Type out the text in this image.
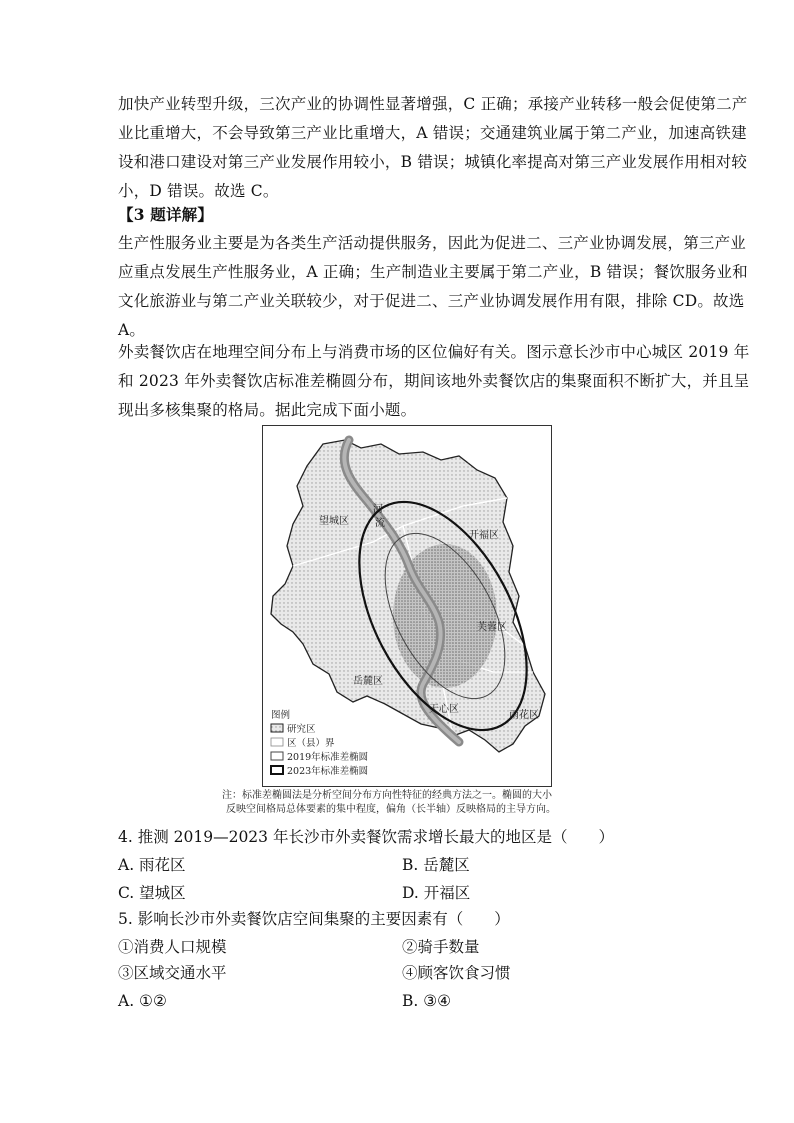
加快产业转型升级，三次产业的协调性显著增强，C 正确；承接产业转移一般会促使第二产
业比重增大，不会导致第三产业比重增大，A 错误；交通建筑业属于第二产业，加速高铁建
设和港口建设对第三产业发展作用较小，B 错误；城镇化率提高对第三产业发展作用相对较
小，D 错误。故选 C。
【3 题详解】
生产性服务业主要是为各类生产活动提供服务，因此为促进二、三产业协调发展，第三产业
应重点发展生产性服务业，A 正确；生产制造业主要属于第二产业，B 错误；餐饮服务业和
文化旅游业与第二产业关联较少，对于促进二、三产业协调发展作用有限，排除 CD。故选
A。
外卖餐饮店在地理空间分布上与消费市场的区位偏好有关。图示意长沙市中心城区 2019 年
和 2023 年外卖餐饮店标准差椭圆分布，期间该地外卖餐饮店的集聚面积不断扩大，并且呈
现出多核集聚的格局。据此完成下面小题。
望城区
河
流
开福区
芙蓉区
岳麓区
天心区
雨花区
图例
研究区
区（县）界
2019年标准差椭圆
2023年标准差椭圆
注：标准差椭圆法是分析空间分布方向性特征的经典方法之一。椭圆的大小
反映空间格局总体要素的集中程度，偏角（长半轴）反映格局的主导方向。
4. 推测 2019—2023 年长沙市外卖餐饮需求增长最大的地区是（　　）
A. 雨花区	B. 岳麓区
C. 望城区	D. 开福区
5. 影响长沙市外卖餐饮店空间集聚的主要因素有（　　）
①消费人口规模	②骑手数量
③区域交通水平	④顾客饮食习惯
A. ①②	B. ③④
